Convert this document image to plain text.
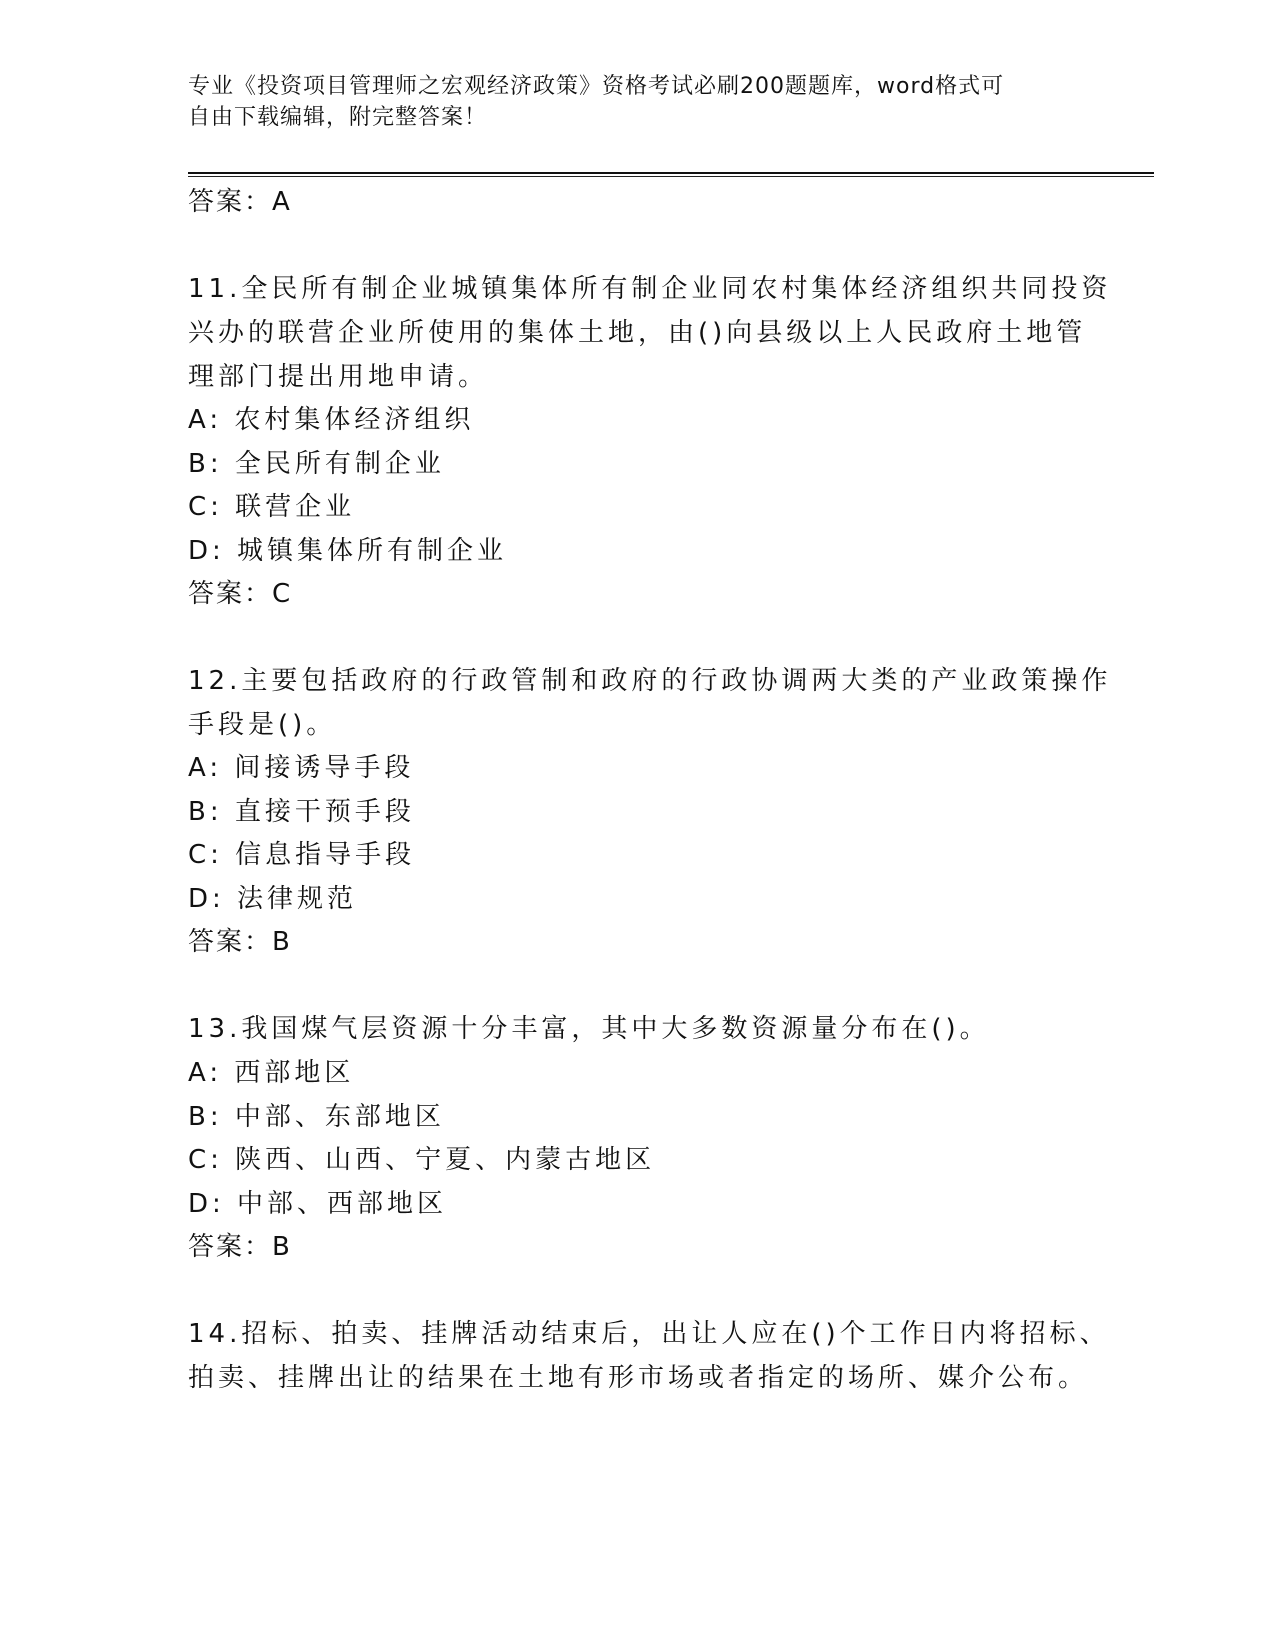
专业《投资项目管理师之宏观经济政策》资格考试必刷200题题库，word格式可
自由下载编辑，附完整答案！
答案：A
11.全民所有制企业城镇集体所有制企业同农村集体经济组织共同投资
兴办的联营企业所使用的集体土地，由()向县级以上人民政府土地管
理部门提出用地申请。
A: 农村集体经济组织
B: 全民所有制企业
C: 联营企业
D: 城镇集体所有制企业
答案：C
12.主要包括政府的行政管制和政府的行政协调两大类的产业政策操作
手段是()。
A: 间接诱导手段
B: 直接干预手段
C: 信息指导手段
D: 法律规范
答案：B
13.我国煤气层资源十分丰富，其中大多数资源量分布在()。
A: 西部地区
B: 中部、东部地区
C: 陕西、山西、宁夏、内蒙古地区
D: 中部、西部地区
答案：B
14.招标、拍卖、挂牌活动结束后，出让人应在()个工作日内将招标、
拍卖、挂牌出让的结果在土地有形市场或者指定的场所、媒介公布。
